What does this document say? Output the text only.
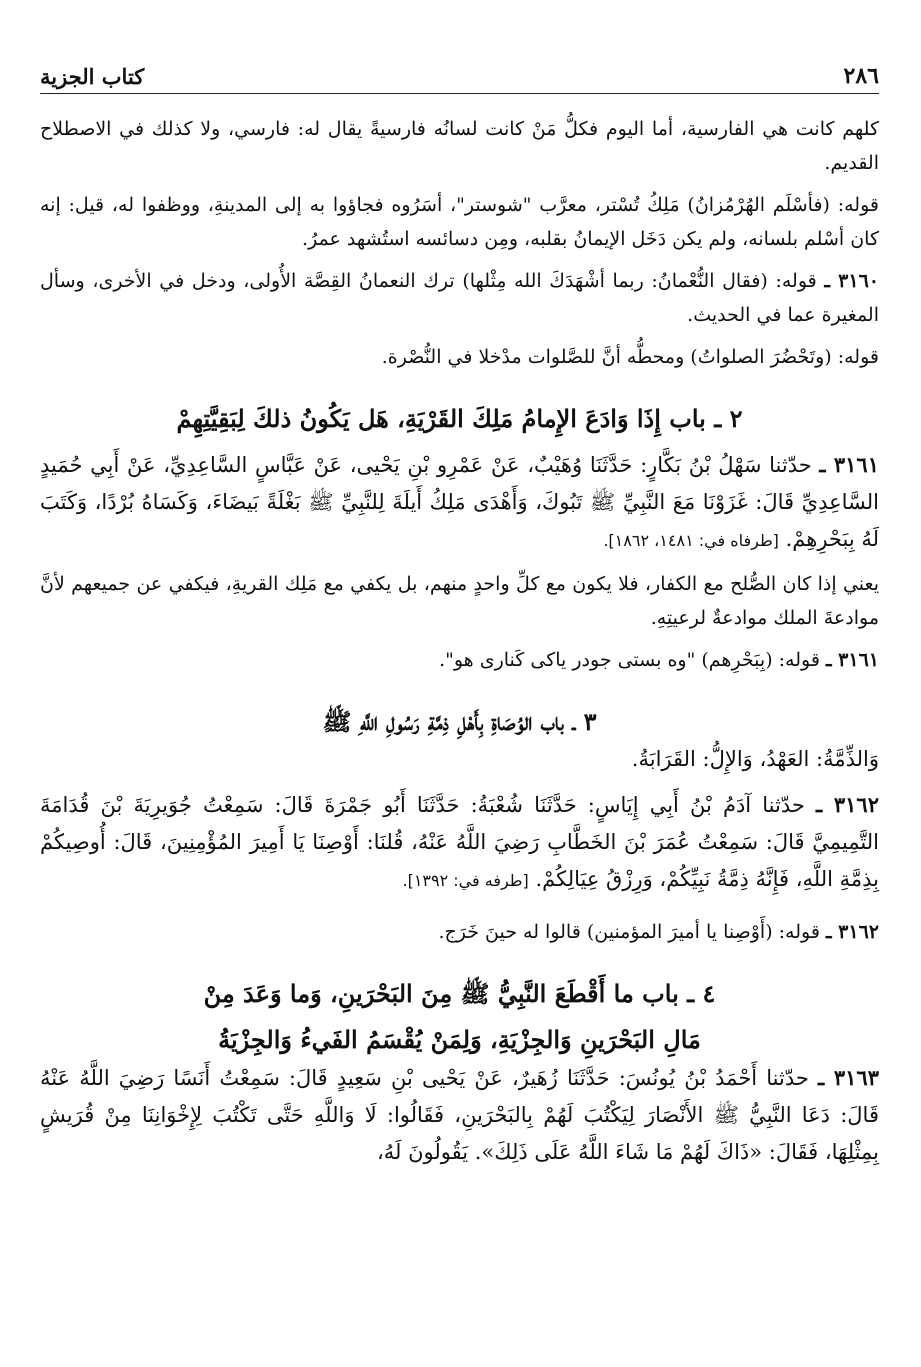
٢٨٦
كتاب الجزية

كلهم كانت هي الفارسية، أما اليوم فكلُّ مَنْ كانت لسانُه فارسيةً يقال له: فارسي، ولا كذلك في الاصطلاح القديم.

قوله: (فأسْلَم الهُرْمُزانُ) مَلِكُ تُسْتر، معرَّب "شوستر"، أسَرُوه فجاؤوا به إلى المدينةِ، ووظفوا له، قيل: إنه كان أسْلم بلسانه، ولم يكن دَخَل الإيمانُ بقلبه، ومِن دسائسه استُشهد عمرُ.

٣١٦٠ ـ قوله: (فقال النُّعْمانُ: ربما أشْهَدَكَ الله مِثْلها) ترك النعمانُ القِصَّة الأُولى، ودخل في الأخرى، وسأل المغيرة عما في الحديث.

قوله: (وتَحْضُرَ الصلواتُ) ومحطُّه أنَّ للصَّلوات مدْخلا في النُّصْرة.

٢ ـ باب إِذَا وَادَعَ الإِمامُ مَلِكَ القَرْيَةِ، هَل يَكُونُ ذلكَ لِبَقِيَّتِهِمْ

٣١٦١ ـ حدّثنا سَهْلُ بْنُ بَكَّارٍ: حَدَّثَنَا وُهَيْبٌ، عَنْ عَمْرِو بْنِ يَحْيى، عَنْ عَبَّاسٍ السَّاعِدِيِّ، عَنْ أَبِي حُمَيدٍ السَّاعِدِيِّ قَالَ: غَزَوْنَا مَعَ النَّبِيِّ ﷺ تَبُوكَ، وَأَهْدَى مَلِكُ أَيلَةَ لِلنَّبِيِّ ﷺ بَغْلَةً بَيضَاءَ، وَكَسَاهُ بُرْدًا، وَكَتَبَ لَهُ بِبَحْرِهِمْ. [طرفاه في: ١٤٨١، ١٨٦٢].

يعني إذا كان الصُّلح مع الكفار، فلا يكون مع كلِّ واحدٍ منهم، بل يكفي مع مَلِك القريةِ، فيكفي عن جميعهم لأنَّ موادعةَ الملك موادعةٌ لرعيتِهِ.

٣١٦١ ـ قوله: (بِبَحْرِهم) "وه بستى جودر ياكى كَنارى هو".

٣ ـ باب الوُصَاةِ بِأَهْلِ ذِمَّةِ رَسُولِ اللَّهِ ﷺ

وَالذِّمَّةُ: العَهْدُ، وَالإِلُّ: القَرَابَةُ.

٣١٦٢ ـ حدّثنا آدَمُ بْنُ أَبِي إِيَاسٍ: حَدَّثَنَا شُعْبَةُ: حَدَّثَنَا أَبُو جَمْرَةَ قَالَ: سَمِعْتُ جُوَيرِيَةَ بْنَ قُدَامَةَ التَّمِيمِيَّ قَالَ: سَمِعْتُ عُمَرَ بْنَ الخَطَّابِ رَضِيَ اللَّهُ عَنْهُ، قُلنَا: أَوْصِنَا يَا أَمِيرَ المُؤْمِنِينَ، قَالَ: أُوصِيكُمْ بِذِمَّةِ اللَّهِ، فَإِنَّهُ ذِمَّةُ نَبِيِّكُمْ، وَرِزْقُ عِيَالِكُمْ. [طرفه في: ١٣٩٢].

٣١٦٢ ـ قوله: (أَوْصِنا يا أميرَ المؤمنين) قالوا له حينَ خَرَج.

٤ ـ باب ما أَقْطَعَ النَّبِيُّ ﷺ مِنَ البَحْرَينِ، وَما وَعَدَ مِنْ
مَالِ البَحْرَينِ وَالجِزْيَةِ، وَلِمَنْ يُقْسَمُ الفَيءُ وَالجِزْيَةُ

٣١٦٣ ـ حدّثنا أَحْمَدُ بْنُ يُونُسَ: حَدَّثَنَا زُهَيرٌ، عَنْ يَحْيى بْنِ سَعِيدٍ قَالَ: سَمِعْتُ أَنَسًا رَضِيَ اللَّهُ عَنْهُ قَالَ: دَعَا النَّبِيُّ ﷺ الأَنْصَارَ لِيَكْتُبَ لَهُمْ بِالبَحْرَينِ، فَقَالُوا: لَا وَاللَّهِ حَتَّى تَكْتُبَ لِإِخْوَانِنَا مِنْ قُرَيشٍ بِمِثْلِهَا، فَقَالَ: «ذَاكَ لَهُمْ مَا شَاءَ اللَّهُ عَلَى ذَلِكَ». يَقُولُونَ لَهُ،
